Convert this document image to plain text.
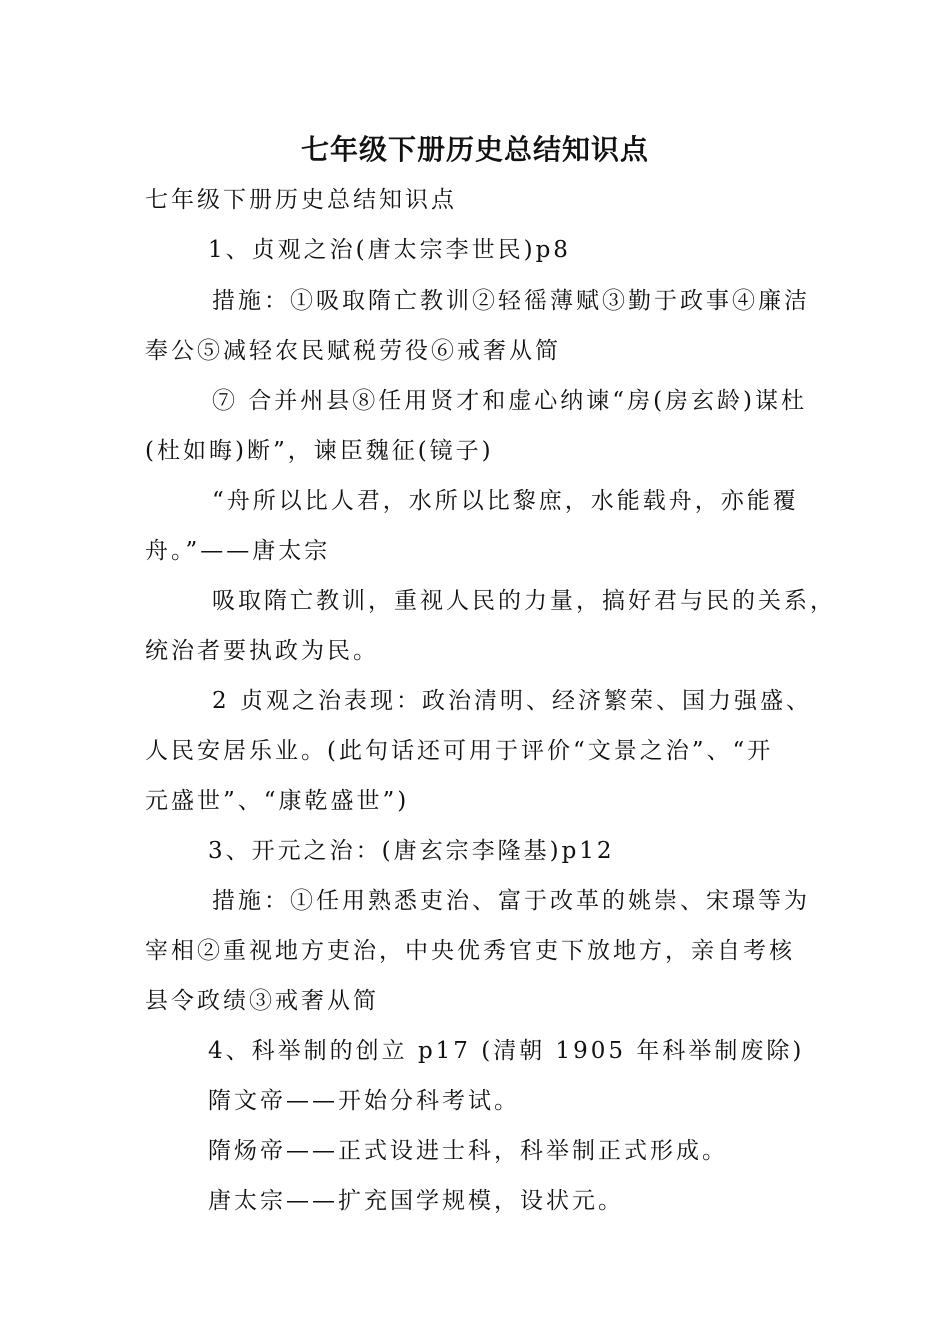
七年级下册历史总结知识点
七年级下册历史总结知识点
1、贞观之治(唐太宗李世民)p8
措施：①吸取隋亡教训②轻徭薄赋③勤于政事④廉洁
奉公⑤减轻农民赋税劳役⑥戒奢从简
⑦ 合并州县⑧任用贤才和虚心纳谏“房(房玄龄)谋杜
(杜如晦)断”，谏臣魏征(镜子)
“舟所以比人君，水所以比黎庶，水能载舟，亦能覆
舟。”——唐太宗
吸取隋亡教训，重视人民的力量，搞好君与民的关系，
统治者要执政为民。
2 贞观之治表现：政治清明、经济繁荣、国力强盛、
人民安居乐业。(此句话还可用于评价“文景之治”、“开
元盛世”、“康乾盛世”)
3、开元之治：(唐玄宗李隆基)p12
措施：①任用熟悉吏治、富于改革的姚崇、宋璟等为
宰相②重视地方吏治，中央优秀官吏下放地方，亲自考核
县令政绩③戒奢从简
4、科举制的创立 p17 (清朝 1905 年科举制废除)
隋文帝——开始分科考试。
隋炀帝——正式设进士科，科举制正式形成。
唐太宗——扩充国学规模，设状元。
